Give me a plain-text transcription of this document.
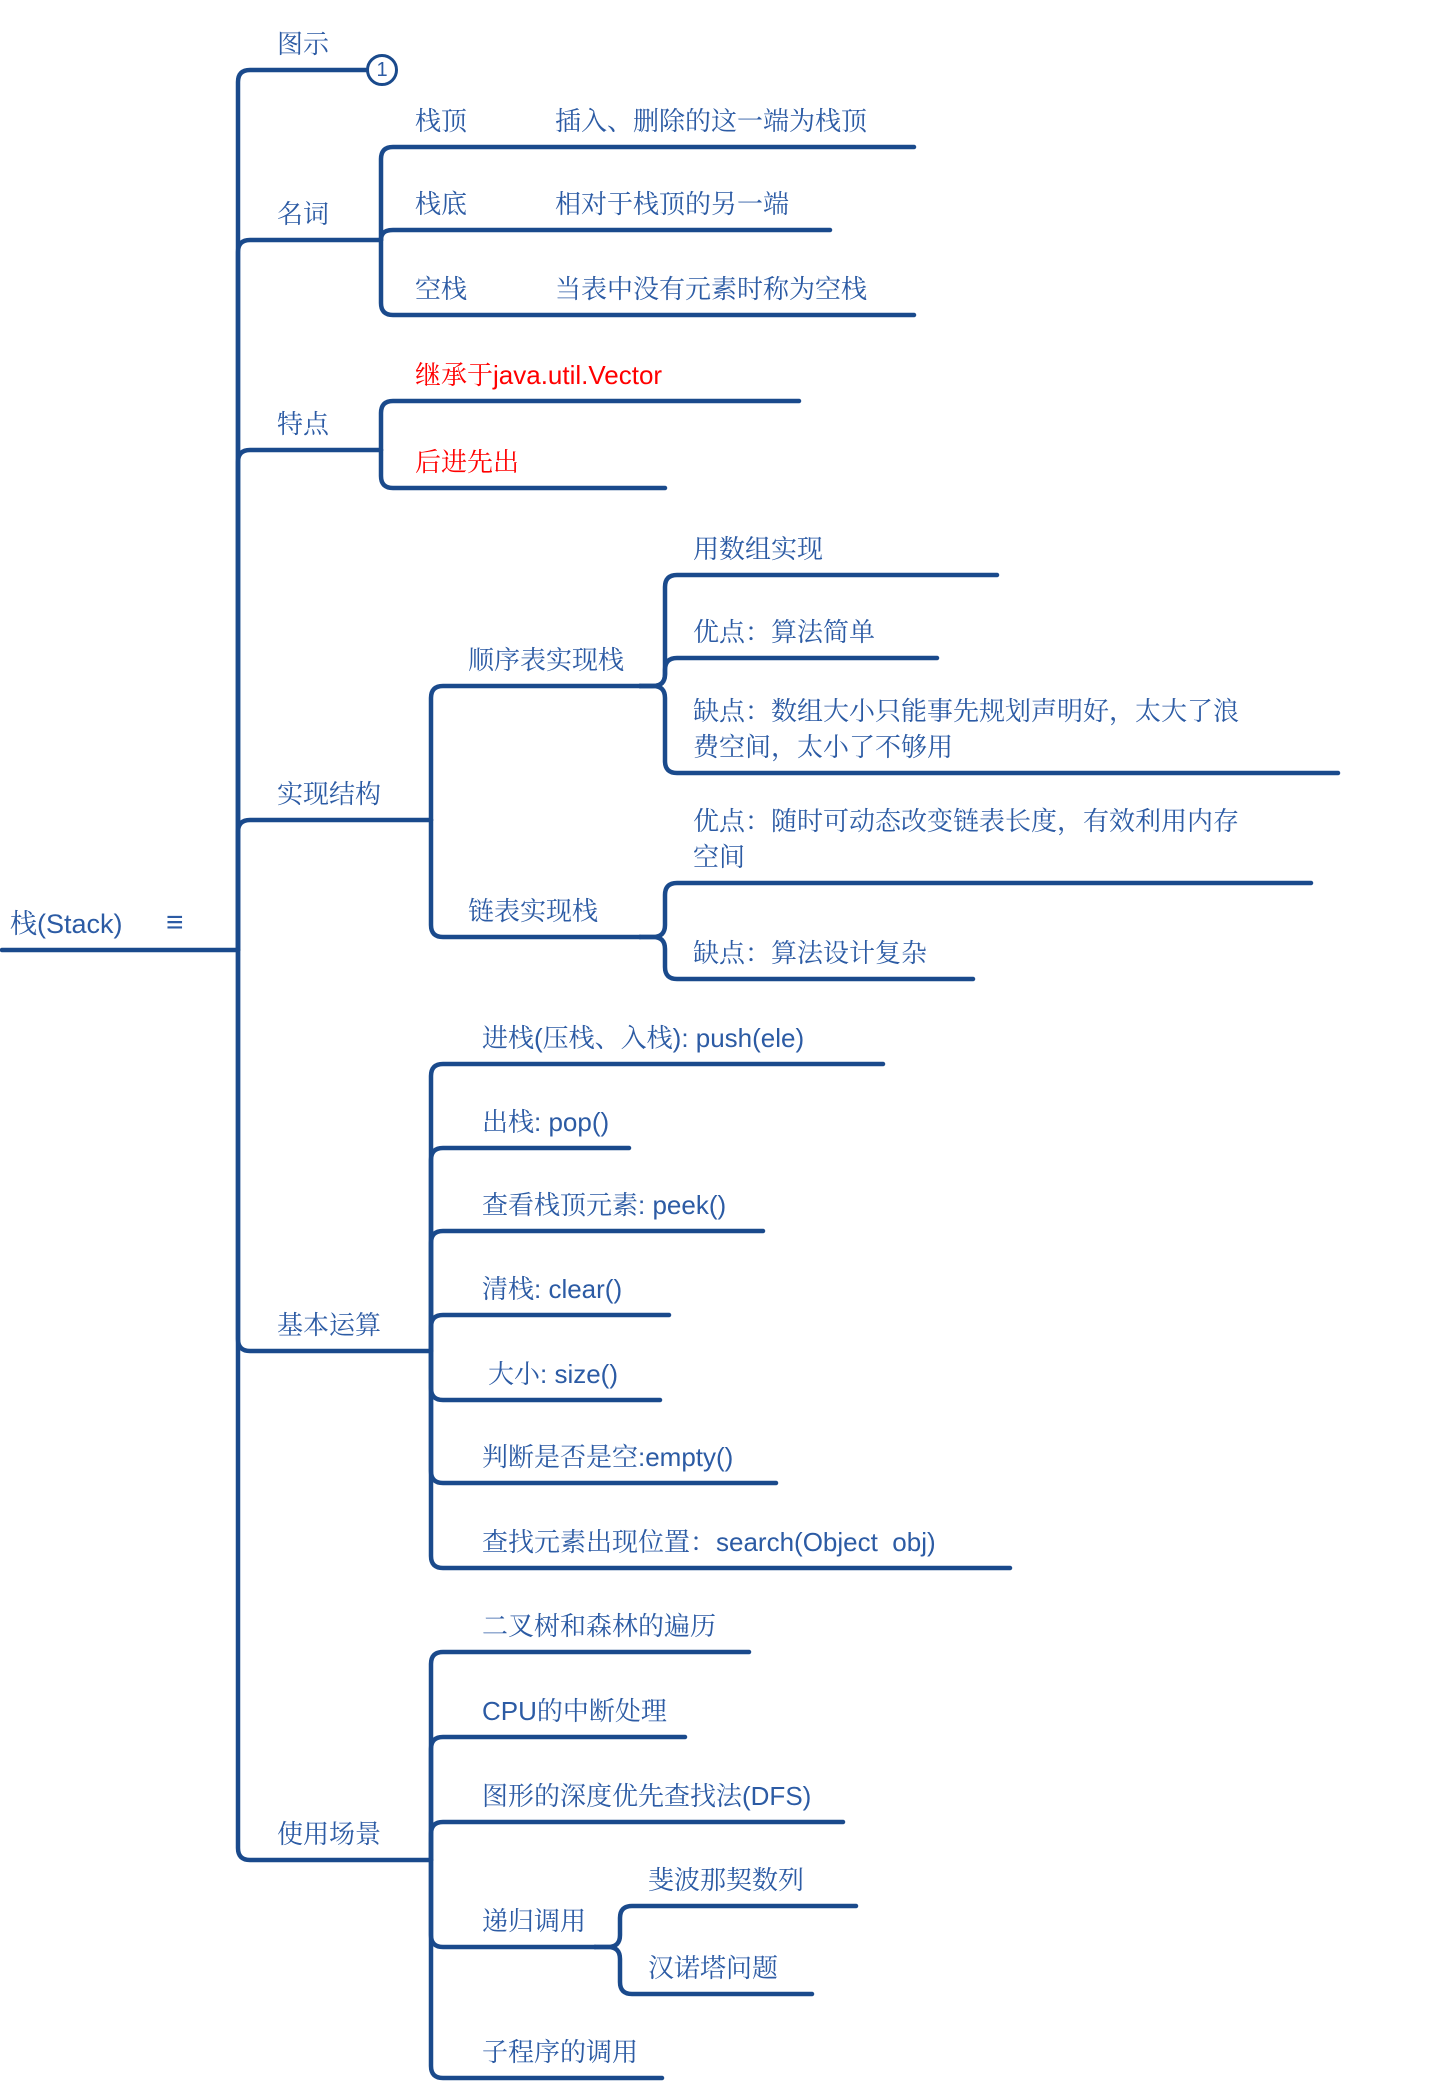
栈(Stack) ≡
图示
1
名词
栈顶	插入、删除的这一端为栈顶
栈底	相对于栈顶的另一端
空栈	当表中没有元素时称为空栈
特点
继承于java.util.Vector
后进先出
实现结构
顺序表实现栈
用数组实现
优点：算法简单
缺点：数组大小只能事先规划声明好，太大了浪费空间，太小了不够用
链表实现栈
优点：随时可动态改变链表长度，有效利用内存空间
缺点：算法设计复杂
基本运算
进栈(压栈、入栈): push(ele)
出栈: pop()
查看栈顶元素: peek()
清栈: clear()
大小: size()
判断是否是空:empty()
查找元素出现位置：search(Object  obj)
使用场景
二叉树和森林的遍历
CPU的中断处理
图形的深度优先查找法(DFS)
递归调用
斐波那契数列
汉诺塔问题
子程序的调用
